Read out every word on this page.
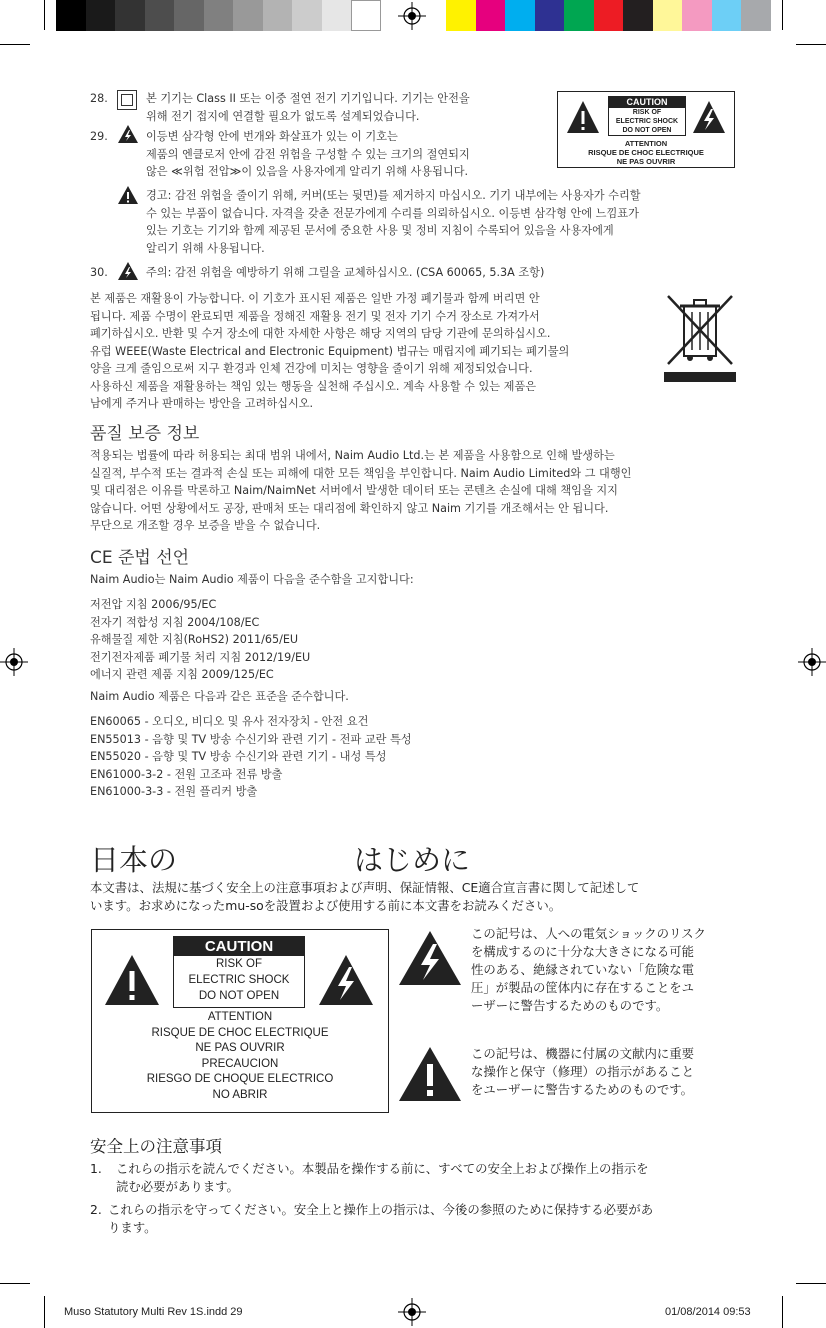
28.	본 기기는 Class II 또는 이중 절연 전기 기기입니다. 기기는 안전을

위해 전기 접지에 연결할 필요가 없도록 설계되었습니다.

29.	이등변 삼각형 안에 번개와 화살표가 있는 이 기호는

제품의 엔클로저 안에 감전 위험을 구성할 수 있는 크기의 절연되지

않은 ≪위험 전압≫이 있음을 사용자에게 알리기 위해 사용됩니다.

CAUTION
RISK OF
ELECTRIC SHOCK
DO NOT OPEN
ATTENTION
RISQUE DE CHOC ELECTRIQUE
NE PAS OUVRIR

경고: 감전 위험을 줄이기 위해, 커버(또는 뒷면)를 제거하지 마십시오. 기기 내부에는 사용자가 수리할

수 있는 부품이 없습니다. 자격을 갖춘 전문가에게 수리를 의뢰하십시오. 이등변 삼각형 안에 느낌표가

있는 기호는 기기와 함께 제공된 문서에 중요한 사용 및 정비 지침이 수록되어 있음을 사용자에게

알리기 위해 사용됩니다.

30.	주의: 감전 위험을 예방하기 위해 그릴을 교체하십시오. (CSA 60065, 5.3A 조항)
본 제품은 재활용이 가능합니다. 이 기호가 표시된 제품은 일반 가정 폐기물과 함께 버리면 안
됩니다. 제품 수명이 완료되면 제품을 정해진 재활용 전기 및 전자 기기 수거 장소로 가져가서
폐기하십시오. 반환 및 수거 장소에 대한 자세한 사항은 해당 지역의 담당 기관에 문의하십시오.
유럽 WEEE(Waste Electrical and Electronic Equipment) 법규는 매립지에 폐기되는 폐기물의
양을 크게 줄임으로써 지구 환경과 인체 건강에 미치는 영향을 줄이기 위해 제정되었습니다.
사용하신 제품을 재활용하는 책임 있는 행동을 실천해 주십시오. 계속 사용할 수 있는 제품은
남에게 주거나 판매하는 방안을 고려하십시오.
품질 보증 정보
적용되는 법률에 따라 허용되는 최대 범위 내에서, Naim Audio Ltd.는 본 제품을 사용함으로 인해 발생하는
실질적, 부수적 또는 결과적 손실 또는 피해에 대한 모든 책임을 부인합니다. Naim Audio Limited와 그 대행인
및 대리점은 이유를 막론하고 Naim/NaimNet 서버에서 발생한 데이터 또는 콘텐츠 손실에 대해 책임을 지지
않습니다. 어떤 상황에서도 공장, 판매처 또는 대리점에 확인하지 않고 Naim 기기를 개조해서는 안 됩니다.
무단으로 개조할 경우 보증을 받을 수 없습니다.
CE 준법 선언
Naim Audio는 Naim Audio 제품이 다음을 준수함을 고지합니다:
저전압 지침 2006/95/EC
전자기 적합성 지침 2004/108/EC
유해물질 제한 지침(RoHS2) 2011/65/EU
전기전자제품 폐기물 처리 지침 2012/19/EU
에너지 관련 제품 지침 2009/125/EC
Naim Audio 제품은 다음과 같은 표준을 준수합니다.
EN60065 - 오디오, 비디오 및 유사 전자장치 - 안전 요건
EN55013 - 음향 및 TV 방송 수신기와 관련 기기 - 전파 교란 특성
EN55020 - 음향 및 TV 방송 수신기와 관련 기기 - 내성 특성
EN61000-3-2 - 전원 고조파 전류 방출
EN61000-3-3 - 전원 플리커 방출
日本の	はじめに
本文書は、法規に基づく安全上の注意事項および声明、保証情報、CE適合宣言書に関して記述して
います。お求めになったmu-soを設置および使用する前に本文書をお読みください。
CAUTION
RISK OF
ELECTRIC SHOCK
DO NOT OPEN
ATTENTION
RISQUE DE CHOC ELECTRIQUE
NE PAS OUVRIR
PRECAUCION
RIESGO DE CHOQUE ELECTRICO
NO ABRIR
この記号は、人への電気ショックのリスク
を構成するのに十分な大きさになる可能
性のある、絶縁されていない「危険な電
圧」が製品の筐体内に存在することをユ
ーザーに警告するためのものです。
この記号は、機器に付属の文献内に重要
な操作と保守（修理）の指示があること
をユーザーに警告するためのものです。
安全上の注意事項
1. これらの指示を読んでください。本製品を操作する前に、すべての安全上および操作上の指示を
読む必要があります。
2. これらの指示を守ってください。安全上と操作上の指示は、今後の参照のために保持する必要があ
ります。
Muso Statutory Multi Rev 1S.indd 29	01/08/2014 09:53
